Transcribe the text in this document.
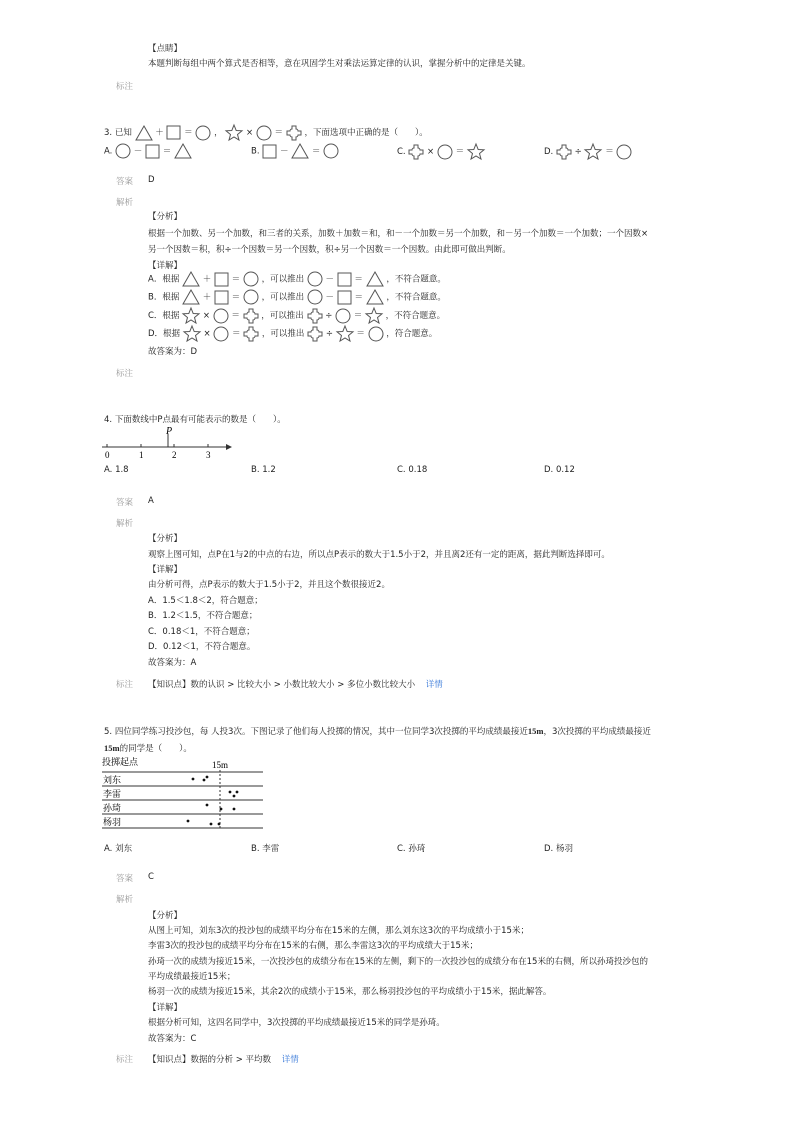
【点睛】
本题判断每组中两个算式是否相等，意在巩固学生对乘法运算定律的认识，掌握分析中的定律是关键。
标注
3. 已知	＋ ＝	，	×	＝	，下面选项中正确的是（　　）。
A.	－ ＝	B. －	＝	C.	×	＝	D.	÷	＝
答案 D
解析
【分析】
根据一个加数、另一个加数，和三者的关系，加数＋加数＝和，和－一个加数＝另一个加数，和－另一个加数＝一个加数；一个因数×
另一个因数＝积，积÷一个因数＝另一个因数，积÷另一个因数＝一个因数。由此即可做出判断。
【详解】
A．根据	＋ ＝	，可以推出	－ ＝	，不符合题意。
B．根据	＋ ＝	，可以推出	－ ＝	，不符合题意。
C．根据	×	＝	，可以推出	÷	＝	，不符合题意。
D．根据	×	＝	，可以推出	÷	＝	，符合题意。
故答案为：D
标注
4. 下面数线中P点最有可能表示的数是（　　）。
P
0	1	2	3
A. 1.8	B. 1.2	C. 0.18	D. 0.12
答案 A
解析
【分析】
观察上图可知，点P在1与2的中点的右边，所以点P表示的数大于1.5小于2，并且离2还有一定的距离，据此判断选择即可。
【详解】
由分析可得，点P表示的数大于1.5小于2，并且这个数很接近2。
A．1.5＜1.8＜2，符合题意；
B．1.2＜1.5，不符合题意；
C．0.18＜1，不符合题意；
D．0.12＜1，不符合题意。
故答案为：A
标注 【知识点】数的认识 > 比较大小 > 小数比较大小 > 多位小数比较大小 详情
5. 四位同学练习投沙包，每 人投3次。下图记录了他们每人投掷的情况，其中一位同学3次投掷的平均成绩最接近15m，3次投掷的平均成绩最接近
15m的同学是（　　）。
投掷起点	15m
刘东
李雷
孙琦
杨羽
A. 刘东	B. 李雷	C. 孙琦	D. 杨羽
答案 C
解析
【分析】
从图上可知，刘东3次的投沙包的成绩平均分布在15米的左侧，那么刘东这3次的平均成绩小于15米；
李雷3次的投沙包的成绩平均分布在15米的右侧，那么李雷这3次的平均成绩大于15米；
孙琦一次的成绩为接近15米，一次投沙包的成绩分布在15米的左侧，剩下的一次投沙包的成绩分布在15米的右侧，所以孙琦投沙包的
平均成绩最接近15米；
杨羽一次的成绩为接近15米，其余2次的成绩小于15米，那么杨羽投沙包的平均成绩小于15米，据此解答。
【详解】
根据分析可知，这四名同学中，3次投掷的平均成绩最接近15米的同学是孙琦。
故答案为：C
标注 【知识点】数据的分析 > 平均数 详情
